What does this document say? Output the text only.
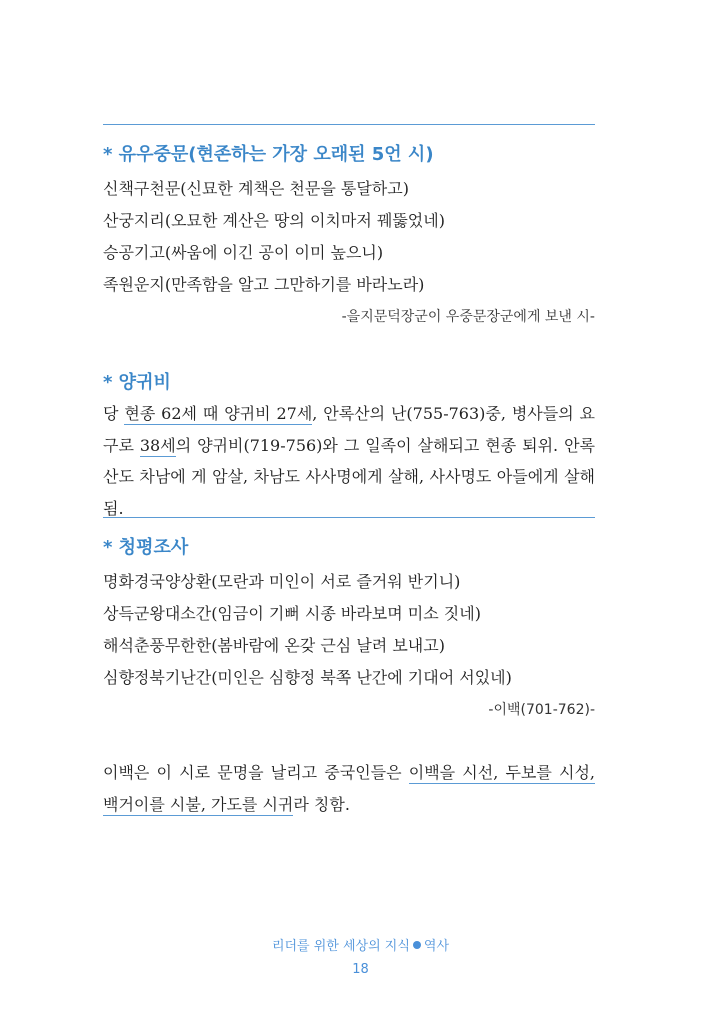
* 유우중문(현존하는 가장 오래된 5언 시)
신책구천문(신묘한 계책은 천문을 통달하고)
산궁지리(오묘한 계산은 땅의 이치마저 꿰뚫었네)
승공기고(싸움에 이긴 공이 이미 높으니)
족원운지(만족함을 알고 그만하기를 바라노라)
-을지문덕장군이 우중문장군에게 보낸 시-
* 양귀비
당 현종 62세 때 양귀비 27세, 안록산의 난(755-763)중, 병사들의 요구로 38세의 양귀비(719-756)와 그 일족이 살해되고 현종 퇴위. 안록산도 차남에 게 암살, 차남도 사사명에게 살해, 사사명도 아들에게 살해됨.
* 청평조사
명화경국양상환(모란과 미인이 서로 즐거워 반기니)
상득군왕대소간(임금이 기뻐 시종 바라보며 미소 짓네)
해석춘풍무한한(봄바람에 온갖 근심 날려 보내고)
심향정북기난간(미인은 심향정 북쪽 난간에 기대어 서있네)
-이백(701-762)-
이백은 이 시로 문명을 날리고 중국인들은 이백을 시선, 두보를 시성, 백거이를 시불, 가도를 시귀라 칭함.
리더를 위한 세상의 지식 역사
18
